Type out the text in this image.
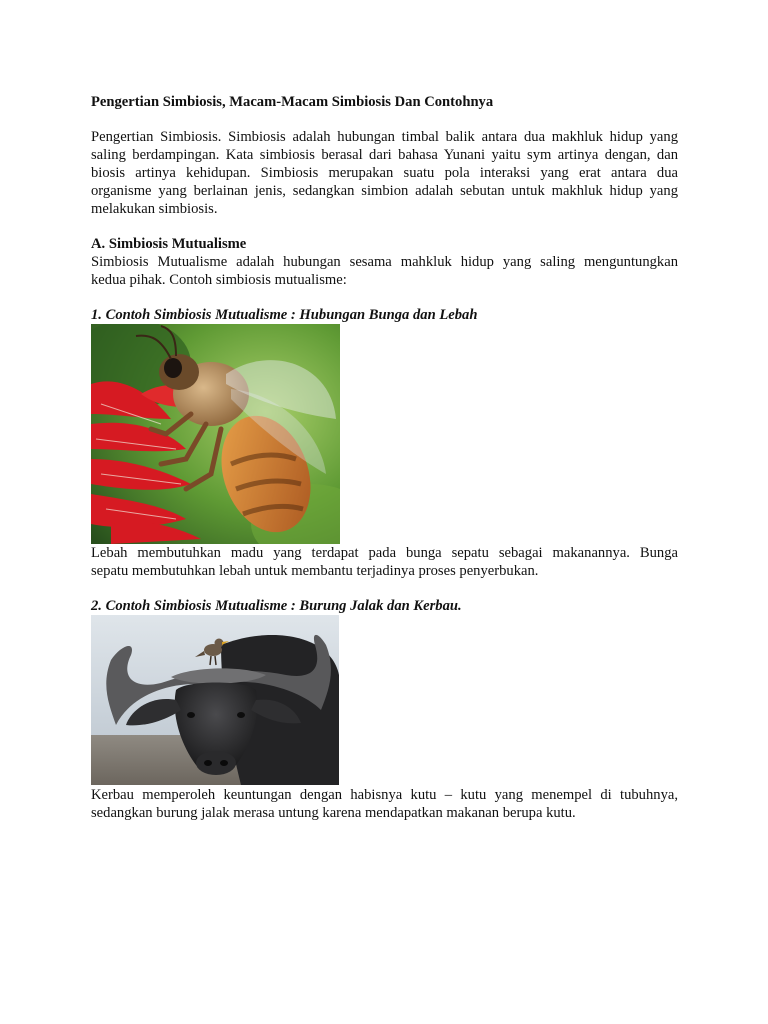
Pengertian Simbiosis, Macam-Macam Simbiosis Dan Contohnya
Pengertian Simbiosis. Simbiosis adalah hubungan timbal balik antara dua makhluk hidup yang
saling berdampingan. Kata simbiosis berasal dari bahasa Yunani yaitu sym artinya dengan, dan
biosis artinya kehidupan. Simbiosis merupakan suatu pola interaksi yang erat antara dua
organisme yang berlainan jenis, sedangkan simbion adalah sebutan untuk makhluk hidup yang
melakukan simbiosis.
A. Simbiosis Mutualisme
Simbiosis Mutualisme adalah hubungan sesama mahkluk hidup yang saling menguntungkan
kedua pihak. Contoh simbiosis mutualisme:
1. Contoh Simbiosis Mutualisme : Hubungan Bunga dan Lebah
Lebah membutuhkan madu yang terdapat pada bunga sepatu sebagai makanannya. Bunga
sepatu membutuhkan lebah untuk membantu terjadinya proses penyerbukan.
2. Contoh Simbiosis Mutualisme : Burung Jalak dan Kerbau.
Kerbau memperoleh keuntungan dengan habisnya kutu – kutu yang menempel di tubuhnya,
sedangkan burung jalak merasa untung karena mendapatkan makanan berupa kutu.
